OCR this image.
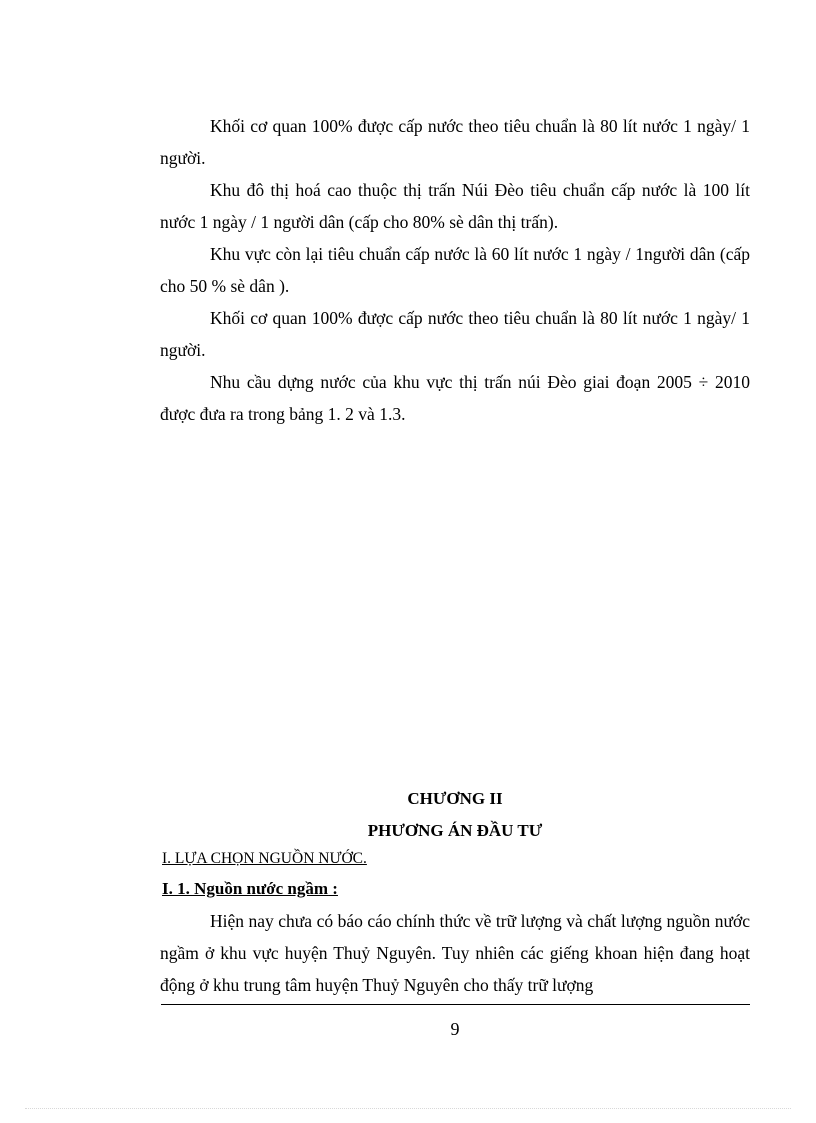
Khối cơ quan 100% được cấp nước theo tiêu chuẩn là 80 lít nước 1 ngày/ 1 người.

Khu đô thị hoá cao thuộc thị trấn Núi Đèo tiêu chuẩn cấp nước là 100 lít nước 1 ngày / 1 người dân (cấp cho 80% sè dân thị trấn).

Khu vực còn lại tiêu chuẩn cấp nước là 60 lít nước 1 ngày / 1người dân (cấp cho 50 % sè dân ).

Khối cơ quan 100% được cấp nước theo tiêu chuẩn là 80 lít nước 1 ngày/ 1 người.

Nhu cầu dựng nước của khu vực thị trấn núi Đèo giai đoạn 2005 ÷ 2010 được đưa ra trong bảng 1. 2 và 1.3.

CHƯƠNG II

PHƯƠNG ÁN ĐẦU TƯ

I. LỰA CHỌN NGUỒN NƯỚC.

I. 1. Nguồn nước ngầm :

Hiện nay chưa có báo cáo chính thức về trữ lượng và chất lượng nguồn nước ngầm ở khu vực huyện Thuỷ Nguyên. Tuy nhiên các giếng khoan hiện đang hoạt động ở khu trung tâm huyện Thuỷ Nguyên cho thấy trữ lượng

9
